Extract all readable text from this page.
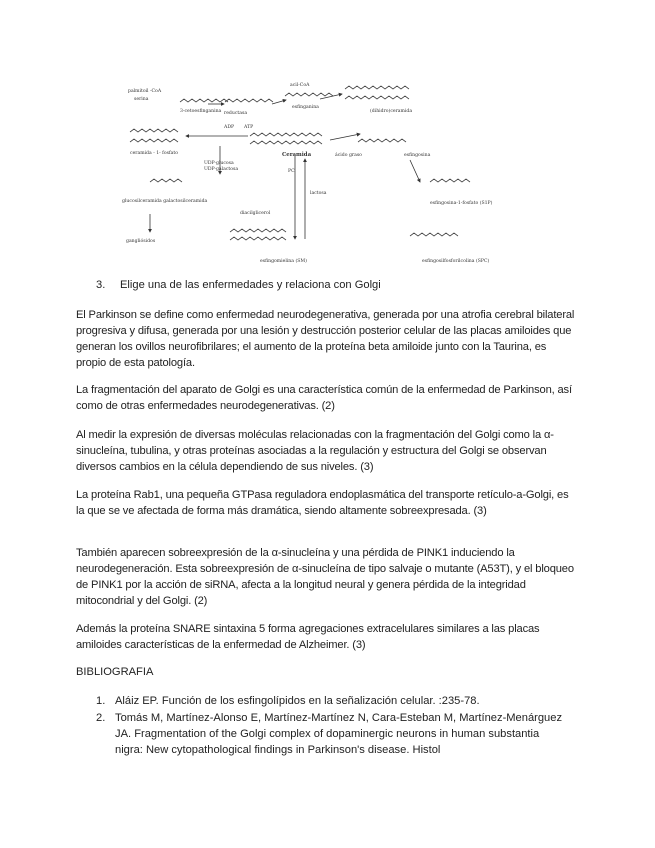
palmitoil -CoA
serina
3-cetoesfinganina reductasa
acil-CoA
esfinganina
(dihidro)ceramida
ceramida - 1- fosfato
ADP ATP
Ceramida	ácido graso	esfingosina
UDP-glucosa
UDP-galactosa	PC
diacilglicerol
glucosilceramida galactosilceramida
gangliósidos
esfingomielina (SM)
lactosa
esfingosina-1-fosfato (S1P)
esfingosilfosforilcolina (SPC)
3. Elige una de las enfermedades y relaciona con Golgi

El Parkinson se define como enfermedad neurodegenerativa, generada por una atrofia cerebral bilateral progresiva y difusa, generada por una lesión y destrucción posterior celular de las placas amiloides que generan los ovillos neurofibrilares; el aumento de la proteína beta amiloide junto con la Taurina, es propio de esta patología.

La fragmentación del aparato de Golgi es una característica común de la enfermedad de Parkinson, así como de otras enfermedades neurodegenerativas. (2)

Al medir la expresión de diversas moléculas relacionadas con la fragmentación del Golgi como la α-sinuclеína, tubulina, y otras proteínas asociadas a la regulación y estructura del Golgi se observan diversos cambios en la célula dependiendo de sus niveles. (3)

La proteína Rab1, una pequeña GTPasa reguladora endoplasmática del transporte retículo-a-Golgi, es la que se ve afectada de forma más dramática, siendo altamente sobreexpresada. (3)

También aparecen sobreexpresión de la α-sinucleína y una pérdida de PINK1 induciendo la neurodegeneración. Esta sobreexpresión de α-sinucleína de tipo salvaje o mutante (A53T), y el bloqueo de PINK1 por la acción de siRNA, afecta a la longitud neural y genera pérdida de la integridad mitocondrial y del Golgi. (2)

Además la proteína SNARE sintaxina 5 forma agregaciones extracelulares similares a las placas amiloides características de la enfermedad de Alzheimer. (3)

BIBLIOGRAFIA
1. Aláiz EP. Función de los esfingolípidos en la señalización celular. :235-78.
2. Tomás M, Martínez-Alonso E, Martínez-Martínez N, Cara-Esteban M, Martínez-Menárguez JA. Fragmentation of the Golgi complex of dopaminergic neurons in human substantia nigra: New cytopathological findings in Parkinson's disease. Histol
